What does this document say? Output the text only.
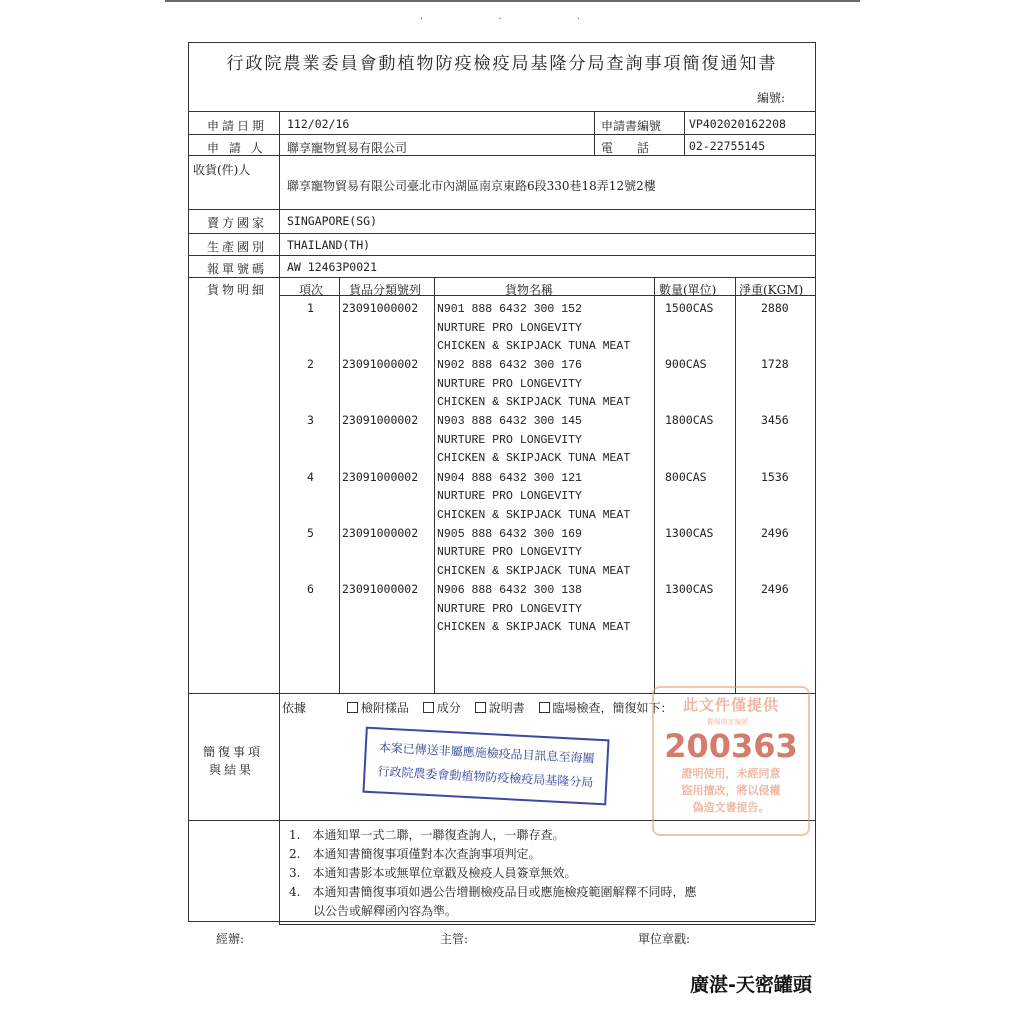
· · ·
行政院農業委員會動植物防疫檢疫局基隆分局查詢事項簡復通知書
編號:
申請日期 112/02/16	申請書編號 VP402020162208
申 請 人 聯享寵物貿易有限公司	電　　話	02-22755145
收貨(件)人
聯享寵物貿易有限公司臺北市內湖區南京東路6段330巷18弄12號2樓
賣方國家 SINGAPORE(SG)
生產國別 THAILAND(TH)
報單號碼 AW 12463P0021
貨物明細	項次 貨品分類號列	貨物名稱	數量(單位) 淨重(KGM)
1 23091000002 N901 888 6432 300 152
NURTURE PRO LONGEVITY
CHICKEN & SKIPJACK TUNA MEAT
1500CAS	2880
2 23091000002 N902 888 6432 300 176
NURTURE PRO LONGEVITY
CHICKEN & SKIPJACK TUNA MEAT
900CAS	1728
3 23091000002 N903 888 6432 300 145
NURTURE PRO LONGEVITY
CHICKEN & SKIPJACK TUNA MEAT
1800CAS	3456
4 23091000002 N904 888 6432 300 121
NURTURE PRO LONGEVITY
CHICKEN & SKIPJACK TUNA MEAT
800CAS	1536
5 23091000002 N905 888 6432 300 169
NURTURE PRO LONGEVITY
CHICKEN & SKIPJACK TUNA MEAT
1300CAS	2496
6 23091000002 N906 888 6432 300 138
NURTURE PRO LONGEVITY
CHICKEN & SKIPJACK TUNA MEAT
1300CAS	2496
依據	檢附樣品 成分 說明書 臨場檢查，簡復如下：
簡復事項
與結果
1.　本通知單一式二聯，一聯復查詢人，一聯存查。
2.　本通知書簡復事項僅對本次查詢事項判定。
3.　本通知書影本或無單位章戳及檢疫人員簽章無效。
4.　本通知書簡復事項如遇公告增刪檢疫品目或應施檢疫範圍解釋不同時，應
　　以公告或解釋函內容為準。
本案已傳送非屬應施檢疫品目訊息至海關
行政院農委會動植物防疫檢疫局基隆分局
此文件僅提供
賣場商家編號：
200363
證明使用，未經同意
盜用擅改，將以侵權
偽造文書提告。
經辦:	主管:	單位章戳:
廣湛-天密罐頭
